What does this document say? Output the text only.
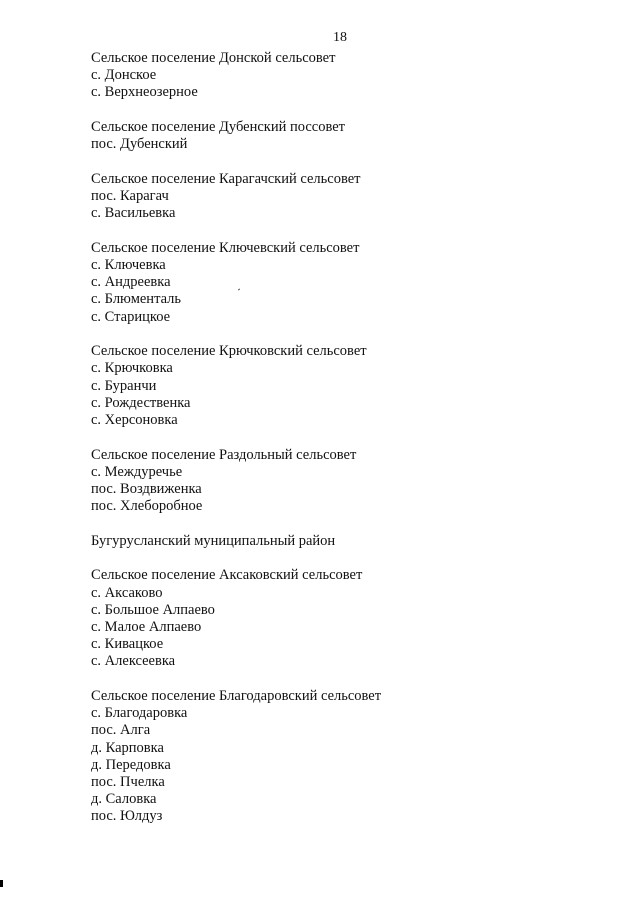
18
Сельское поселение Донской сельсовет
с. Донское
с. Верхнеозерное
Сельское поселение Дубенский поссовет
пос. Дубенский
Сельское поселение Карагачский сельсовет
пос. Карагач
с. Васильевка
Сельское поселение Ключевский сельсовет
с. Ключевка
с. Андреевка
с. Блюменталь
с. Старицкое
Сельское поселение Крючковский сельсовет
с. Крючковка
с. Буранчи
с. Рождественка
с. Херсоновка
Сельское поселение Раздольный сельсовет
с. Междуречье
пос. Воздвиженка
пос. Хлеборобное
Бугурусланский муниципальный район
Сельское поселение Аксаковский сельсовет
с. Аксаково
с. Большое Алпаево
с. Малое Алпаево
с. Кивацкое
с. Алексеевка
Сельское поселение Благодаровский сельсовет
с. Благодаровка
пос. Алга
д. Карповка
д. Передовка
пос. Пчелка
д. Саловка
пос. Юлдуз
